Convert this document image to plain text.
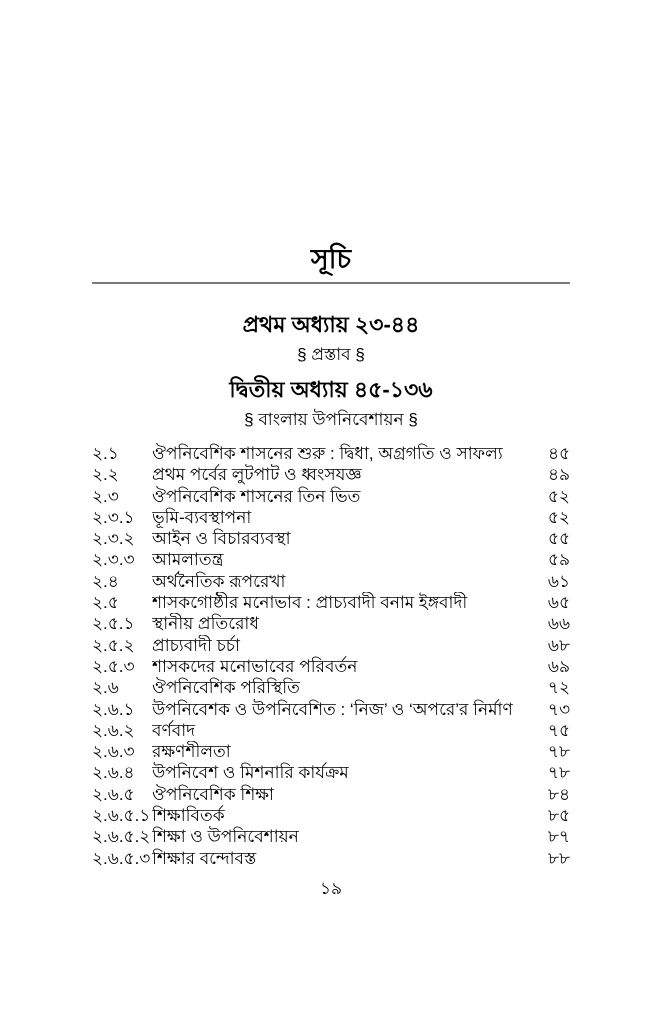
সূচি
প্রথম অধ্যায় ২৩-৪৪
§ প্রস্তাব §
দ্বিতীয় অধ্যায় ৪৫-১৩৬
§ বাংলায় উপনিবেশায়ন §
২.১	ঔপনিবেশিক শাসনের শুরু : দ্বিধা, অগ্রগতি ও সাফল্য	৪৫
২.২	প্রথম পর্বের লুটপাট ও ধ্বংসযজ্ঞ	৪৯
২.৩	ঔপনিবেশিক শাসনের তিন ভিত	৫২
২.৩.১	ভূমি-ব্যবস্থাপনা	৫২
২.৩.২	আইন ও বিচারব্যবস্থা	৫৫
২.৩.৩	আমলাতন্ত্র	৫৯
২.৪	অর্থনৈতিক রূপরেখা	৬১
২.৫	শাসকগোষ্ঠীর মনোভাব : প্রাচ্যবাদী বনাম ইঙ্গবাদী	৬৫
২.৫.১	স্থানীয় প্রতিরোধ	৬৬
২.৫.২	প্রাচ্যবাদী চর্চা	৬৮
২.৫.৩	শাসকদের মনোভাবের পরিবর্তন	৬৯
২.৬	ঔপনিবেশিক পরিস্থিতি	৭২
২.৬.১	উপনিবেশক ও উপনিবেশিত : ‘নিজ’ ও ‘অপরে’র নির্মাণ	৭৩
২.৬.২	বর্ণবাদ	৭৫
২.৬.৩	রক্ষণশীলতা	৭৮
২.৬.৪	উপনিবেশ ও মিশনারি কার্যক্রম	৭৮
২.৬.৫	ঔপনিবেশিক শিক্ষা	৮৪
২.৬.৫.১ শিক্ষাবিতর্ক	৮৫
২.৬.৫.২ শিক্ষা ও উপনিবেশায়ন	৮৭
২.৬.৫.৩ শিক্ষার বন্দোবস্ত	৮৮
১৯
